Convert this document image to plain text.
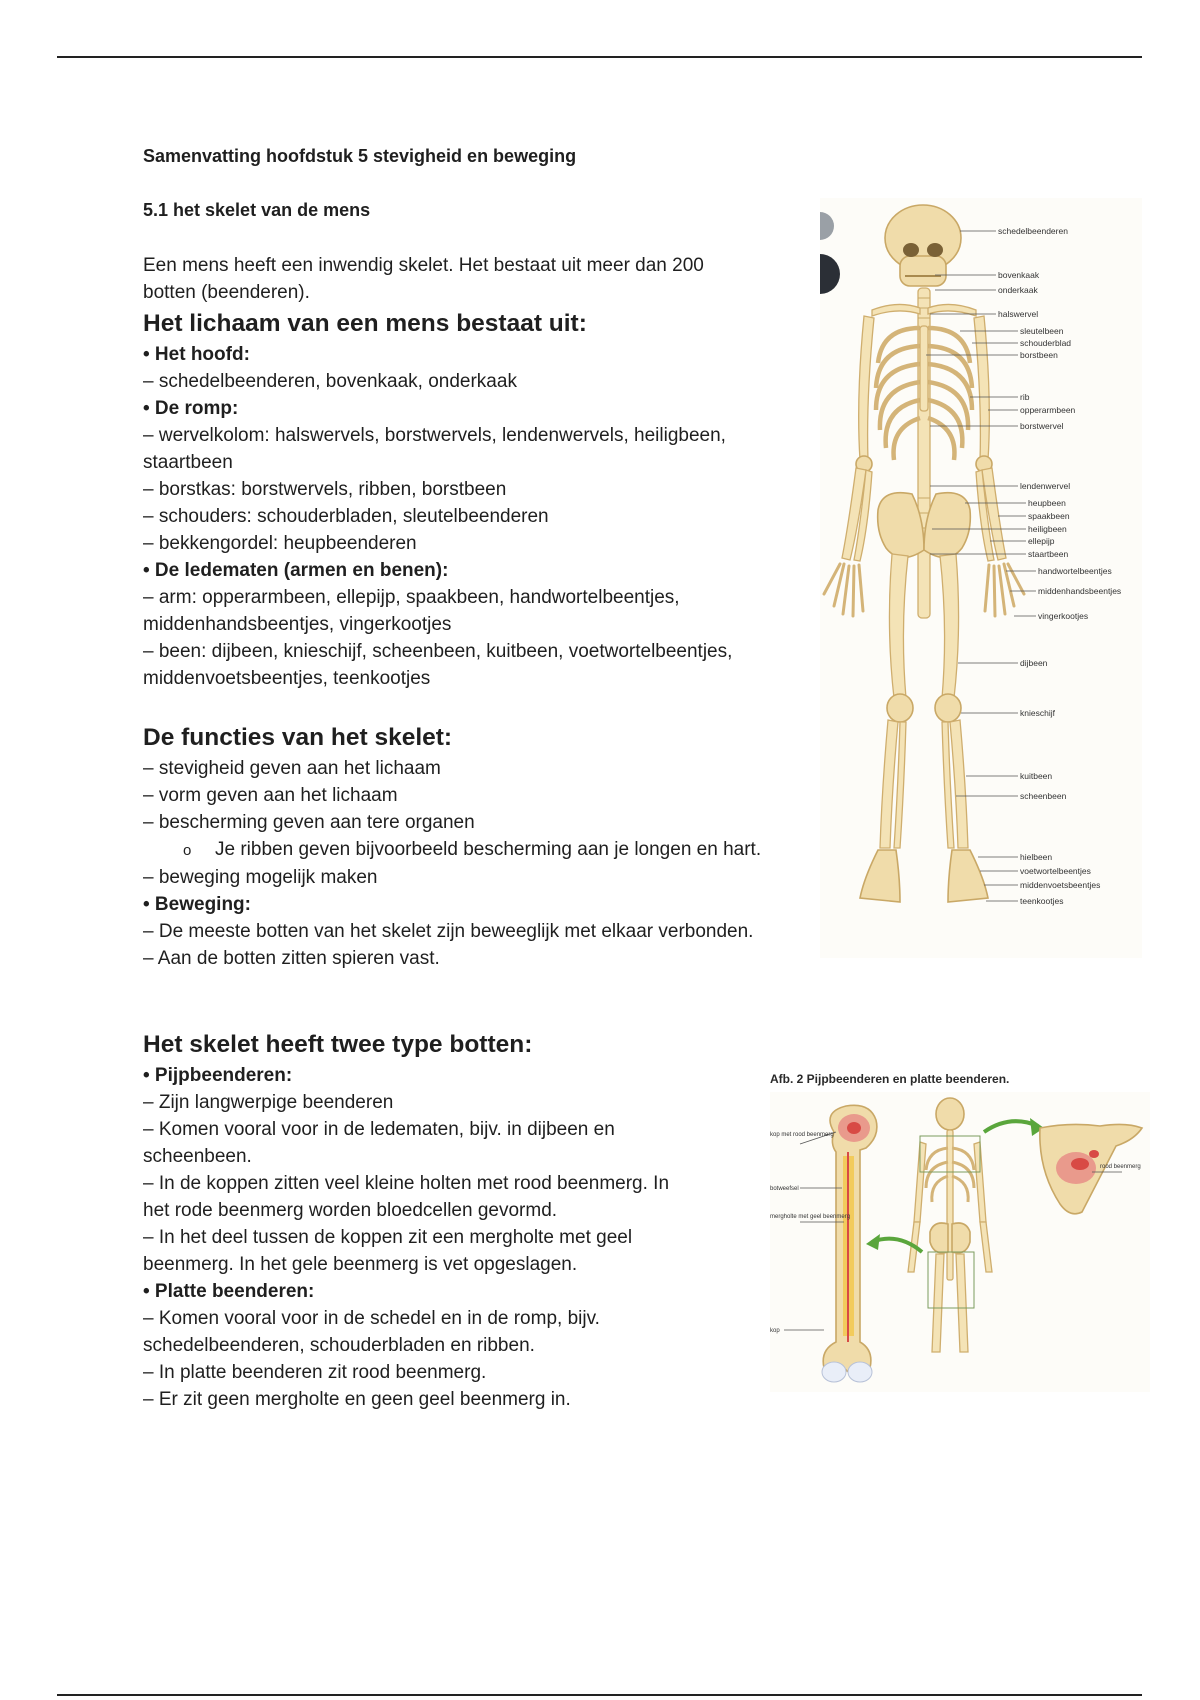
Samenvatting hoofdstuk 5 stevigheid en beweging
5.1 het skelet van de mens
Een mens heeft een inwendig skelet. Het bestaat uit meer dan 200
botten (beenderen).
Het lichaam van een mens bestaat uit:
• Het hoofd:
– schedelbeenderen, bovenkaak, onderkaak
• De romp:
– wervelkolom: halswervels, borstwervels, lendenwervels, heiligbeen,
staartbeen
– borstkas: borstwervels, ribben, borstbeen
– schouders: schouderbladen, sleutelbeenderen
– bekkengordel: heupbeenderen
• De ledematen (armen en benen):
– arm: opperarmbeen, ellepijp, spaakbeen, handwortelbeentjes,
middenhandsbeentjes, vingerkootjes
– been: dijbeen, knieschijf, scheenbeen, kuitbeen, voetwortelbeentjes,
middenvoetsbeentjes, teenkootjes
De functies van het skelet:
– stevigheid geven aan het lichaam
– vorm geven aan het lichaam
– bescherming geven aan tere organen
o Je ribben geven bijvoorbeeld bescherming aan je longen en hart.
– beweging mogelijk maken
• Beweging:
– De meeste botten van het skelet zijn beweeglijk met elkaar verbonden.
– Aan de botten zitten spieren vast.
Het skelet heeft twee type botten:
• Pijpbeenderen:
– Zijn langwerpige beenderen
– Komen vooral voor in de ledematen, bijv. in dijbeen en
scheenbeen.
– In de koppen zitten veel kleine holten met rood beenmerg. In
het rode beenmerg worden bloedcellen gevormd.
– In het deel tussen de koppen zit een mergholte met geel
beenmerg. In het gele beenmerg is vet opgeslagen.
• Platte beenderen:
– Komen vooral voor in de schedel en in de romp, bijv.
schedelbeenderen, schouderbladen en ribben.
– In platte beenderen zit rood beenmerg.
– Er zit geen mergholte en geen geel beenmerg in.
schedelbeenderen
bovenkaak
onderkaak
halswervel
sleutelbeen
schouderblad
borstbeen
rib
opperarmbeen
borstwervel
lendenwervel
heupbeen
spaakbeen
heiligbeen
ellepijp
staartbeen
handwortelbeentjes
middenhandsbeentjes
vingerkootjes
dijbeen
knieschijf
kuitbeen
scheenbeen
hielbeen
voetwortelbeentjes
middenvoetsbeentjes
teenkootjes
Afb. 2 Pijpbeenderen en platte beenderen.
kop met rood beenmerg
botweefsel
mergholte met geel beenmerg
kop
rood beenmerg
